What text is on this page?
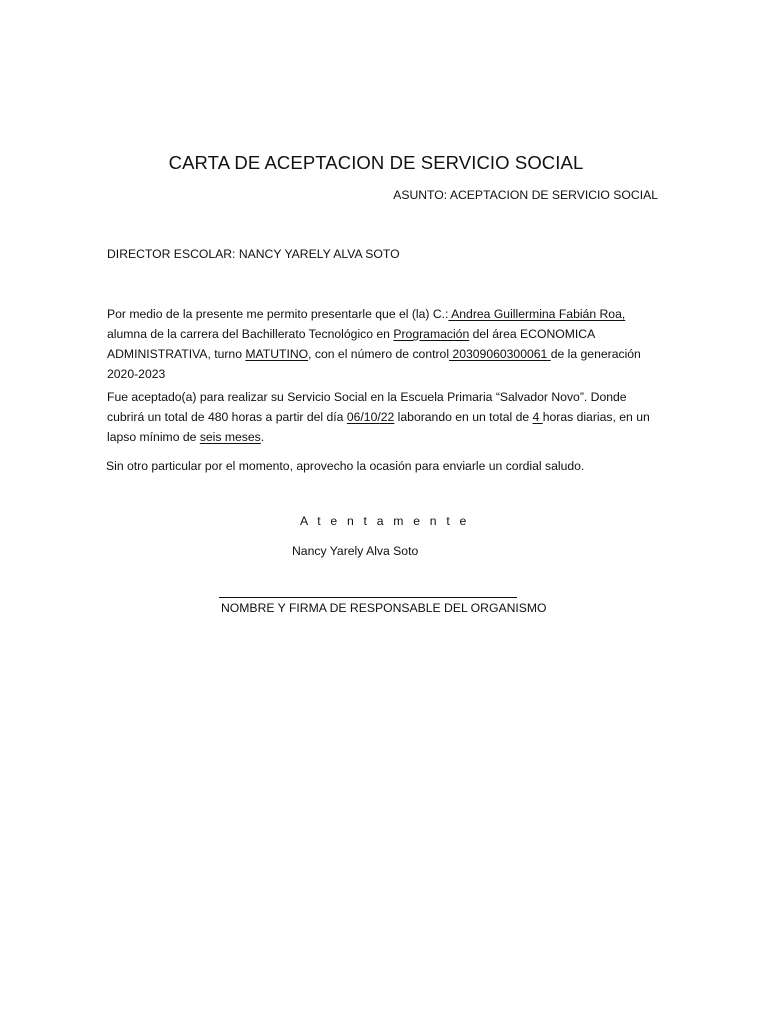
CARTA DE ACEPTACION DE SERVICIO SOCIAL
ASUNTO: ACEPTACION DE SERVICIO SOCIAL
DIRECTOR ESCOLAR: NANCY YARELY ALVA SOTO
Por medio de la presente me permito presentarle que el (la) C.: Andrea Guillermina Fabián Roa,
alumna de la carrera del Bachillerato Tecnológico en Programación del área ECONOMICA ADMINISTRATIVA, turno MATUTINO, con el número de control 20309060300061 de la generación 2020-2023
Fue aceptado(a) para realizar su Servicio Social en la Escuela Primaria “Salvador Novo”. Donde cubrirá un total de 480 horas a partir del día 06/10/22 laborando en un total de 4 horas diarias, en un lapso mínimo de seis meses.
Sin otro particular por el momento, aprovecho la ocasión para enviarle un cordial saludo.
A t e n t a m e n t e
Nancy Yarely Alva Soto
NOMBRE Y FIRMA DE RESPONSABLE DEL ORGANISMO
